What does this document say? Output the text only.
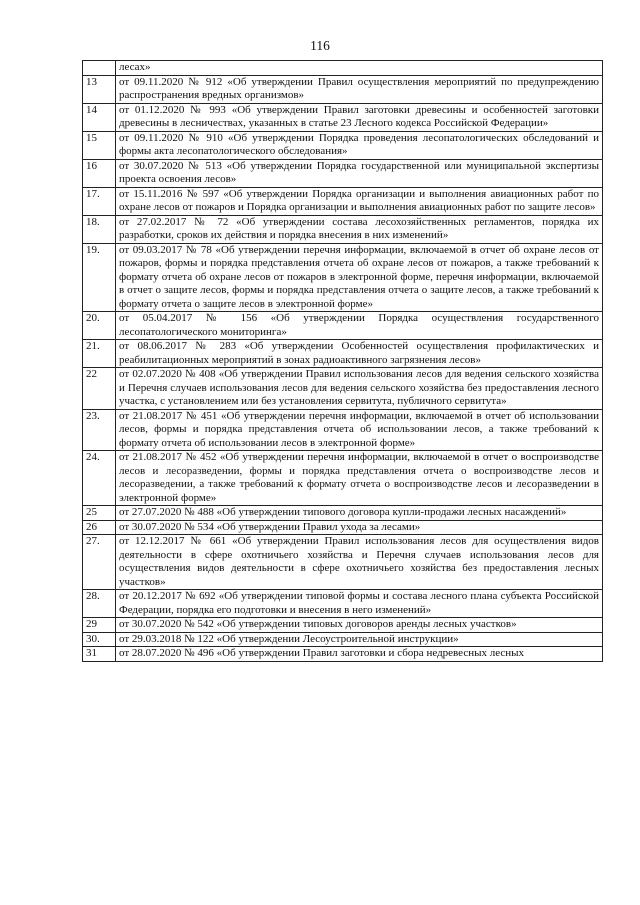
116
	лесах»
13	от 09.11.2020 № 912 «Об утверждении Правил осуществления мероприятий по предупреждению распространения вредных организмов»
14	от 01.12.2020 № 993 «Об утверждении Правил заготовки древесины и особенностей заготовки древесины в лесничествах, указанных в статье 23 Лесного кодекса Российской Федерации»
15	от 09.11.2020 № 910 «Об утверждении Порядка проведения лесопатологических обследований и формы акта лесопатологического обследования»
16	от 30.07.2020 № 513 «Об утверждении Порядка государственной или муниципальной экспертизы проекта освоения лесов»
17.	от 15.11.2016 № 597 «Об утверждении Порядка организации и выполнения авиационных работ по охране лесов от пожаров и Порядка организации и выполнения авиационных работ по защите лесов»
18.	от 27.02.2017 № 72 «Об утверждении состава лесохозяйственных регламентов, порядка их разработки, сроков их действия и порядка внесения в них изменений»
19.	от 09.03.2017 № 78 «Об утверждении перечня информации, включаемой в отчет об охране лесов от пожаров, формы и порядка представления отчета об охране лесов от пожаров, а также требований к формату отчета об охране лесов от пожаров в электронной форме, перечня информации, включаемой в отчет о защите лесов, формы и порядка представления отчета о защите лесов, а также требований к формату отчета о защите лесов в электронной форме»
20.	от 05.04.2017 № 156 «Об утверждении Порядка осуществления государственного лесопатологического мониторинга»
21.	от 08.06.2017 № 283 «Об утверждении Особенностей осуществления профилактических и реабилитационных мероприятий в зонах радиоактивного загрязнения лесов»
22	от 02.07.2020 № 408 «Об утверждении Правил использования лесов для ведения сельского хозяйства и Перечня случаев использования лесов для ведения сельского хозяйства без предоставления лесного участка, с установлением или без установления сервитута, публичного сервитута»
23.	от 21.08.2017 № 451 «Об утверждении перечня информации, включаемой в отчет об использовании лесов, формы и порядка представления отчета об использовании лесов, а также требований к формату отчета об использовании лесов в электронной форме»
24.	от 21.08.2017 № 452 «Об утверждении перечня информации, включаемой в отчет о воспроизводстве лесов и лесоразведении, формы и порядка представления отчета о воспроизводстве лесов и лесоразведении, а также требований к формату отчета о воспроизводстве лесов и лесоразведении в электронной форме»
25	от 27.07.2020 № 488 «Об утверждении типового договора купли-продажи лесных насаждений»
26	от 30.07.2020 № 534 «Об утверждении Правил ухода за лесами»
27.	от 12.12.2017 № 661 «Об утверждении Правил использования лесов для осуществления видов деятельности в сфере охотничьего хозяйства и Перечня случаев использования лесов для осуществления видов деятельности в сфере охотничьего хозяйства без предоставления лесных участков»
28.	от 20.12.2017 № 692 «Об утверждении типовой формы и состава лесного плана субъекта Российской Федерации, порядка его подготовки и внесения в него изменений»
29	от 30.07.2020 № 542 «Об утверждении типовых договоров аренды лесных участков»
30.	от 29.03.2018 № 122 «Об утверждении Лесоустроительной инструкции»
31	от 28.07.2020 № 496 «Об утверждении Правил заготовки и сбора недревесных лесных
